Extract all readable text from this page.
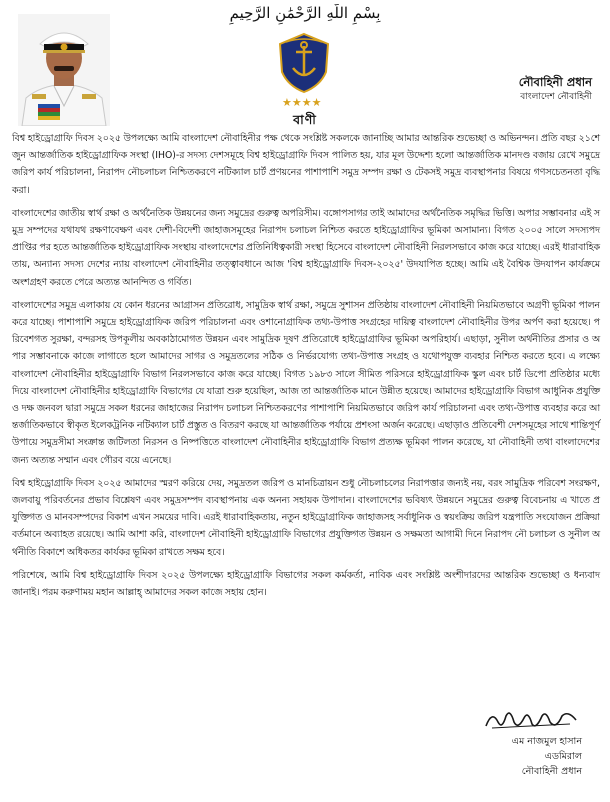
بِسْمِ اللَّهِ الرَّحْمَٰنِ الرَّحِيمِ
★★★★
নৌবাহিনী প্রধান
বাংলাদেশ নৌবাহিনী
বাণী

বিশ্ব হাইড্রোগ্রাফি দিবস ২০২৫ উপলক্ষ্যে আমি বাংলাদেশ নৌবাহিনীর পক্ষ থেকে সংশ্লিষ্ট সকলকে জানাচ্ছি আমার আন্তরিক শুভেচ্ছা ও অভিনন্দন। প্রতি বছর ২১শে জুন আন্তর্জাতিক হাইড্রোগ্রাফিক সংস্থা (IHO)-র সদস্য দেশসমূহে বিশ্ব হাইড্রোগ্রাফি দিবস পালিত হয়, যার মূল উদ্দেশ্য হলো আন্তর্জাতিক মানদণ্ড বজায় রেখে সমুদ্রে জরিপ কার্য পরিচালনা, নিরাপদ নৌচলাচল নিশ্চিতকরণে নটিক্যাল চার্ট প্রণয়নের পাশাপাশি সমুদ্র সম্পদ রক্ষা ও টেকসই সমুদ্র ব্যবস্থাপনার বিষয়ে গণসচেতনতা বৃদ্ধি করা।

বাংলাদেশের জাতীয় স্বার্থ রক্ষা ও অর্থনৈতিক উন্নয়নের জন্য সমুদ্রের গুরুত্ব অপরিসীম। বঙ্গোপসাগর তাই আমাদের অর্থনৈতিক সমৃদ্ধির ভিত্তি। অপার সম্ভাবনার এই সমুদ্র সম্পদের যথাযথ রক্ষণাবেক্ষণ এবং দেশী-বিদেশী জাহাজসমূহের নিরাপদ চলাচল নিশ্চিত করতে হাইড্রোগ্রাফির ভূমিকা অসামান্য। বিগত ২০০৫ সালে সদস্যপদ প্রাপ্তির পর হতে আন্তর্জাতিক হাইড্রোগ্রাফিক সংস্থায় বাংলাদেশের প্রতিনিধিত্বকারী সংস্থা হিসেবে বাংলাদেশ নৌবাহিনী নিরলসভাবে কাজ করে যাচ্ছে। এরই ধারাবাহিকতায়, অন্যান্য সদস্য দেশের ন্যায় বাংলাদেশ নৌবাহিনীর তত্ত্বাবধানে আজ 'বিশ্ব হাইড্রোগ্রাফি দিবস-২০২৫' উদযাপিত হচ্ছে। আমি এই বৈশ্বিক উদযাপন কার্যক্রমে অংশগ্রহণ করতে পেরে অত্যন্ত আনন্দিত ও গর্বিত।

বাংলাদেশের সমুদ্র এলাকায় যে কোন ধরনের আগ্রাসন প্রতিরোধ, সামুদ্রিক স্বার্থ রক্ষা, সমুদ্রে সুশাসন প্রতিষ্ঠায় বাংলাদেশ নৌবাহিনী নিয়মিতভাবে অগ্রণী ভূমিকা পালন করে যাচ্ছে। পাশাপাশি সমুদ্রে হাইড্রোগ্রাফিক জরিপ পরিচালনা এবং ওশানোগ্রাফিক তথ্য-উপাত্ত সংগ্রহের দায়িত্ব বাংলাদেশ নৌবাহিনীর উপর অর্পণ করা হয়েছে। পরিবেশগত সুরক্ষা, বন্দরসহ উপকূলীয় অবকাঠামোগত উন্নয়ন এবং সামুদ্রিক দূষণ প্রতিরোধে হাইড্রোগ্রাফির ভূমিকা অপরিহার্য। এছাড়া, সুনীল অর্থনীতির প্রসার ও অপার সম্ভাবনাকে কাজে লাগাতে হলে আমাদের সাগর ও সমুদ্রতলের সঠিক ও নির্ভরযোগ্য তথ্য-উপাত্ত সংগ্রহ ও যথোপযুক্ত ব্যবহার নিশ্চিত করতে হবে। এ লক্ষ্যে বাংলাদেশ নৌবাহিনীর হাইড্রোগ্রাফি বিভাগ নিরলসভাবে কাজ করে যাচ্ছে। বিগত ১৯৮৩ সালে সীমিত পরিসরে হাইড্রোগ্রাফিক স্কুল এবং চার্ট ডিপো প্রতিষ্ঠার মধ্যে দিয়ে বাংলাদেশ নৌবাহিনীর হাইড্রোগ্রাফি বিভাগের যে যাত্রা শুরু হয়েছিল, আজ তা আন্তর্জাতিক মানে উন্নীত হয়েছে। আমাদের হাইড্রোগ্রাফি বিভাগ আধুনিক প্রযুক্তি ও দক্ষ জনবল দ্বারা সমুদ্রে সকল ধরনের জাহাজের নিরাপদ চলাচল নিশ্চিতকরণের পাশাপাশি নিয়মিতভাবে জরিপ কার্য পরিচালনা এবং তথ্য-উপাত্ত ব্যবহার করে আন্তর্জাতিকভাবে স্বীকৃত ইলেকট্রনিক নটিক্যাল চার্ট প্রস্তুত ও বিতরণ করছে যা আন্তর্জাতিক পর্যায়ে প্রশংসা অর্জন করেছে। এছাড়াও প্রতিবেশী দেশসমূহের সাথে শান্তিপূর্ণ উপায়ে সমুদ্রসীমা সংক্রান্ত জটিলতা নিরসন ও নিষ্পত্তিতে বাংলাদেশ নৌবাহিনীর হাইড্রোগ্রাফি বিভাগ প্রত্যক্ষ ভূমিকা পালন করেছে, যা নৌবাহিনী তথা বাংলাদেশের জন্য অত্যন্ত সম্মান এবং গৌরব বয়ে এনেছে।

বিশ্ব হাইড্রোগ্রাফি দিবস ২০২৫ আমাদের স্মরণ করিয়ে দেয়, সমুদ্রতল জরিপ ও মানচিত্রায়ন শুধু নৌচলাচলের নিরাপত্তার জন্যই নয়, বরং সামুদ্রিক পরিবেশ সংরক্ষণ, জলবায়ু পরিবর্তনের প্রভাব বিশ্লেষণ এবং সমুদ্রসম্পদ ব্যবস্থাপনায় এক অনন্য সহায়ক উপাদান। বাংলাদেশের ভবিষ্যৎ উন্নয়নে সমুদ্রের গুরুত্ব বিবেচনায় এ খাতে প্রযুক্তিগত ও মানবসম্পদের বিকাশ এখন সময়ের দাবি। এরই ধারাবাহিকতায়, নতুন হাইড্রোগ্রাফিক জাহাজসহ সর্বাধুনিক ও স্বয়ংক্রিয় জরিপ যন্ত্রপাতি সংযোজন প্রক্রিয়া বর্তমানে অব্যাহত রয়েছে। আমি আশা করি, বাংলাদেশ নৌবাহিনী হাইড্রোগ্রাফি বিভাগের প্রযুক্তিগত উন্নয়ন ও সক্ষমতা আগামী দিনে নিরাপদ নৌ চলাচল ও সুনীল অর্থনীতি বিকাশে অধিকতর কার্যকর ভূমিকা রাখতে সক্ষম হবে।

পরিশেষে, আমি বিশ্ব হাইড্রোগ্রাফি দিবস ২০২৫ উপলক্ষ্যে হাইড্রোগ্রাফি বিভাগের সকল কর্মকর্তা, নাবিক এবং সংশ্লিষ্ট অংশীদারদের আন্তরিক শুভেচ্ছা ও ধন্যবাদ জানাই। পরম করুণাময় মহান আল্লাহ্ আমাদের সকল কাজে সহায় হোন।

এম নাজমুল হাসান
এডমিরাল
নৌবাহিনী প্রধান
